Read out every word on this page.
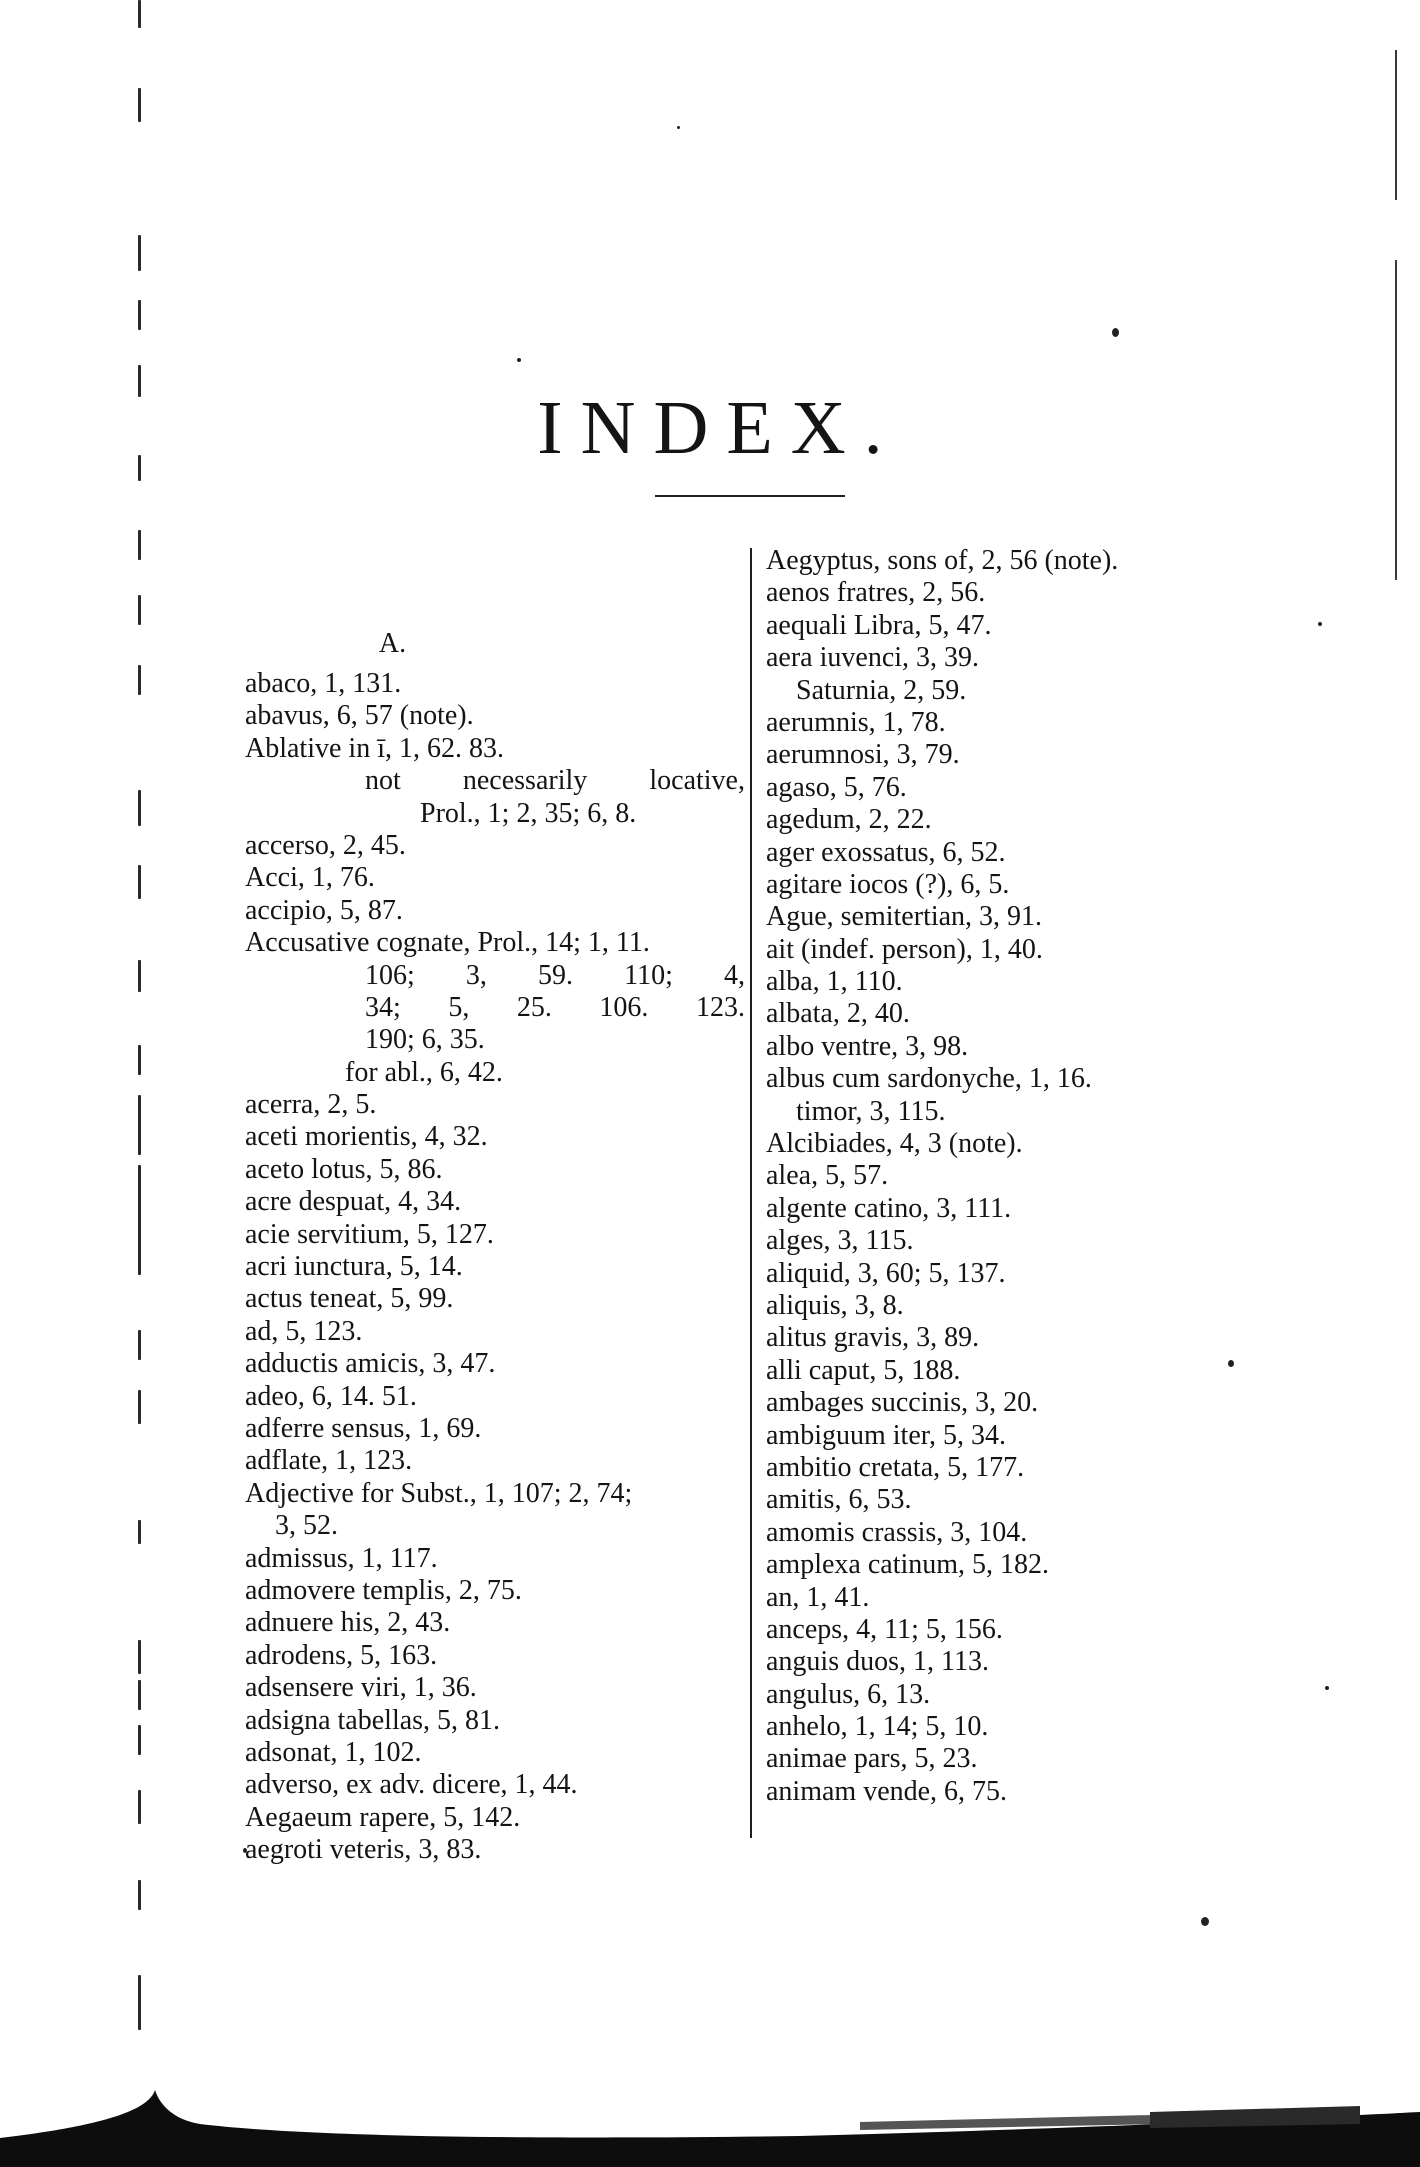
INDEX.
A.
abaco, 1, 131.
abavus, 6, 57 (note).
Ablative in ī, 1, 62. 83.
not necessarily locative,
Prol., 1; 2, 35; 6, 8.
accerso, 2, 45.
Acci, 1, 76.
accipio, 5, 87.
Accusative cognate, Prol., 14; 1, 11.
106; 3, 59. 110; 4,
34; 5, 25. 106. 123.
190; 6, 35.
for abl., 6, 42.
acerra, 2, 5.
aceti morientis, 4, 32.
aceto lotus, 5, 86.
acre despuat, 4, 34.
acie servitium, 5, 127.
acri iunctura, 5, 14.
actus teneat, 5, 99.
ad, 5, 123.
adductis amicis, 3, 47.
adeo, 6, 14. 51.
adferre sensus, 1, 69.
adflate, 1, 123.
Adjective for Subst., 1, 107; 2, 74;
3, 52.
admissus, 1, 117.
admovere templis, 2, 75.
adnuere his, 2, 43.
adrodens, 5, 163.
adsensere viri, 1, 36.
adsigna tabellas, 5, 81.
adsonat, 1, 102.
adverso, ex adv. dicere, 1, 44.
Aegaeum rapere, 5, 142.
aegroti veteris, 3, 83.
Aegyptus, sons of, 2, 56 (note).
aenos fratres, 2, 56.
aequali Libra, 5, 47.
aera iuvenci, 3, 39.
Saturnia, 2, 59.
aerumnis, 1, 78.
aerumnosi, 3, 79.
agaso, 5, 76.
agedum, 2, 22.
ager exossatus, 6, 52.
agitare iocos (?), 6, 5.
Ague, semitertian, 3, 91.
ait (indef. person), 1, 40.
alba, 1, 110.
albata, 2, 40.
albo ventre, 3, 98.
albus cum sardonyche, 1, 16.
timor, 3, 115.
Alcibiades, 4, 3 (note).
alea, 5, 57.
algente catino, 3, 111.
alges, 3, 115.
aliquid, 3, 60; 5, 137.
aliquis, 3, 8.
alitus gravis, 3, 89.
alli caput, 5, 188.
ambages succinis, 3, 20.
ambiguum iter, 5, 34.
ambitio cretata, 5, 177.
amitis, 6, 53.
amomis crassis, 3, 104.
amplexa catinum, 5, 182.
an, 1, 41.
anceps, 4, 11; 5, 156.
anguis duos, 1, 113.
angulus, 6, 13.
anhelo, 1, 14; 5, 10.
animae pars, 5, 23.
animam vende, 6, 75.
